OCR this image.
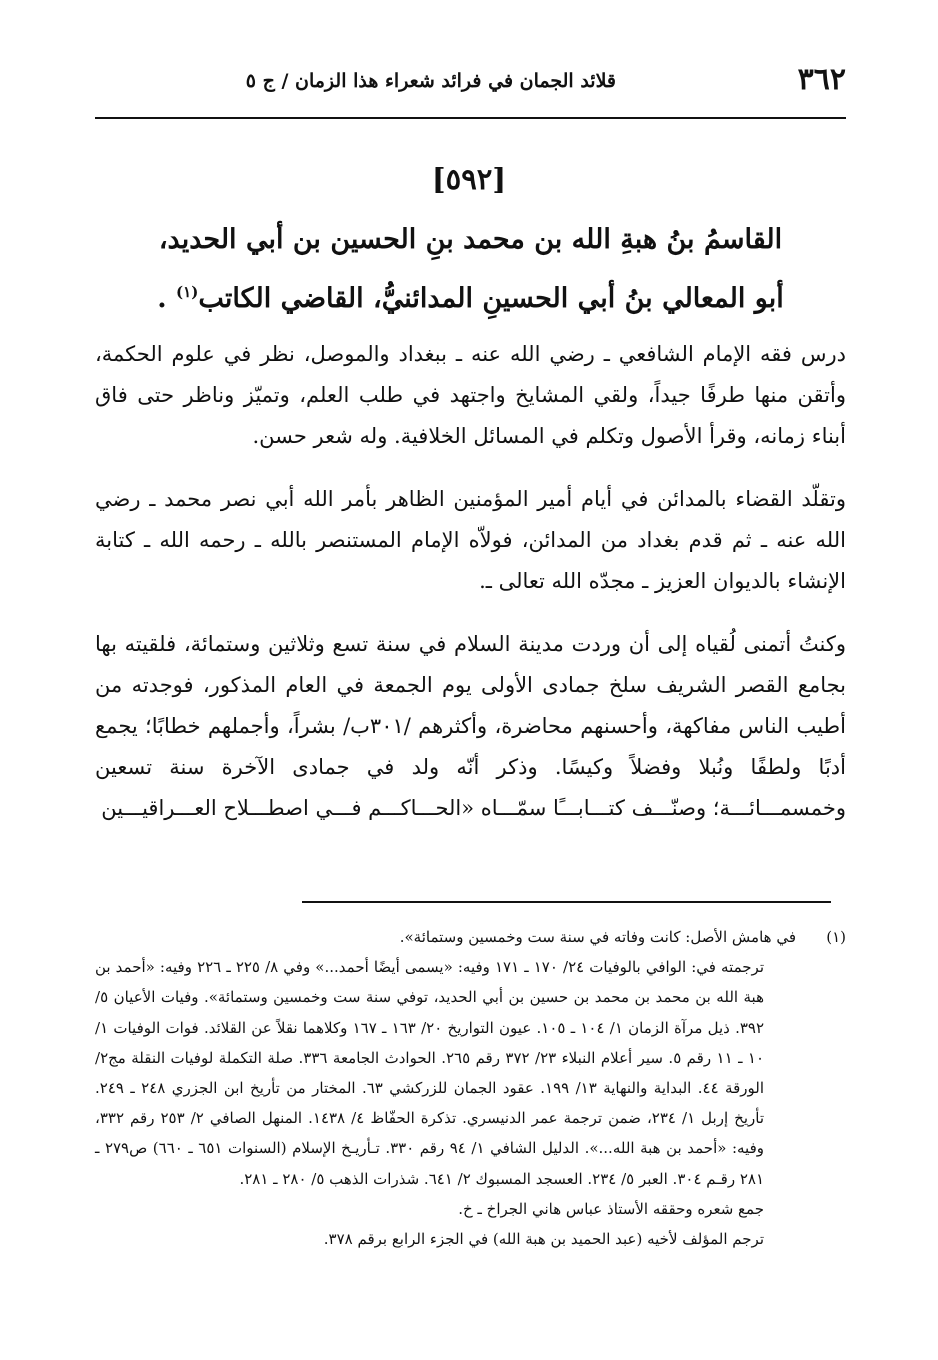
٣٦٢
قلائد الجمان في فرائد شعراء هذا الزمان / ج ٥
[٥٩٢]
القاسمُ بنُ هبةِ الله بن محمد بنِ الحسين بن أبي الحديد،
أبو المعالي بنُ أبي الحسينِ المدائنيُّ، القاضي الكاتب$^{(١)}$ .

درس فقه الإمام الشافعي ـ رضي الله عنه ـ ببغداد والموصل، نظر في علوم الحكمة، وأتقن منها طرفًا جيداً، ولقي المشايخ واجتهد في طلب العلم، وتميّز وناظر حتى فاق أبناء زمانه، وقرأ الأصول وتكلم في المسائل الخلافية. وله شعر حسن.

وتقلّد القضاء بالمدائن في أيام أمير المؤمنين الظاهر بأمر الله أبي نصر محمد ـ رضي الله عنه ـ ثم قدم بغداد من المدائن، فولاّه الإمام المستنصر بالله ـ رحمه الله ـ كتابة الإنشاء بالديوان العزيز ـ مجدّه الله تعالى ـ.

وكنتُ أتمنى لُقياه إلى أن وردت مدينة السلام في سنة تسع وثلاثين وستمائة، فلقيته بها بجامع القصر الشريف سلخ جمادى الأولى يوم الجمعة في العام المذكور، فوجدته من أطيب الناس مفاكهة، وأحسنهم محاضرة، وأكثرهم /٣٠١ب/ بشراً، وأجملهم خطابًا؛ يجمع أدبًا ولطفًا ونُبلا وفضلاً وكيسًا. وذكر أنّه ولد في جمادى الآخرة سنة تسعين وخمسمـــائـــة؛ وصنّـــف كتـــابـــًا سمّـــاه «الحـــاكـــم فـــي اصطـــلاح العـــراقيـــين

(١)

في هامش الأصل: كانت وفاته في سنة ست وخمسين وستمائة».

ترجمته في: الوافي بالوفيات ٢٤/ ١٧٠ ـ ١٧١ وفيه: «يسمى أيضًا أحمد...» وفي ٨/ ٢٢٥ ـ ٢٢٦ وفيه: «أحمد بن هبة الله بن محمد بن محمد بن حسين بن أبي الحديد، توفي سنة ست وخمسين وستمائة». وفيات الأعيان ٥/ ٣٩٢. ذيل مرآة الزمان ١/ ١٠٤ ـ ١٠٥. عيون التواريخ ٢٠/ ١٦٣ ـ ١٦٧ وكلاهما نقلاً عن القلائد. فوات الوفيات ١/ ١٠ ـ ١١ رقم ٥. سير أعلام النبلاء ٢٣/ ٣٧٢ رقم ٢٦٥. الحوادث الجامعة ٣٣٦. صلة التكملة لوفيات النقلة مج٢/ الورقة ٤٤. البداية والنهاية ١٣/ ١٩٩. عقود الجمان للزركشي ٦٣. المختار من تأريخ ابن الجزري ٢٤٨ ـ ٢٤٩. تأريخ إربل ١/ ٢٣٤، ضمن ترجمة عمر الدنيسري. تذكرة الحفّاظ ٤/ ١٤٣٨. المنهل الصافي ٢/ ٢٥٣ رقم ٣٣٢، وفيه: «أحمد بن هبة الله...». الدليل الشافي ١/ ٩٤ رقم ٣٣٠. تـأريـخ الإسلام (السنوات ٦٥١ ـ ٦٦٠) ص٢٧٩ ـ ٢٨١ رقـم ٣٠٤. العبر ٥/ ٢٣٤. العسجد المسبوك ٢/ ٦٤١. شذرات الذهب ٥/ ٢٨٠ ـ ٢٨١.

جمع شعره وحققه الأستاذ عباس هاني الجراخ ـ خ.

ترجم المؤلف لأخيه (عبد الحميد بن هبة الله) في الجزء الرابع برقم ٣٧٨.
